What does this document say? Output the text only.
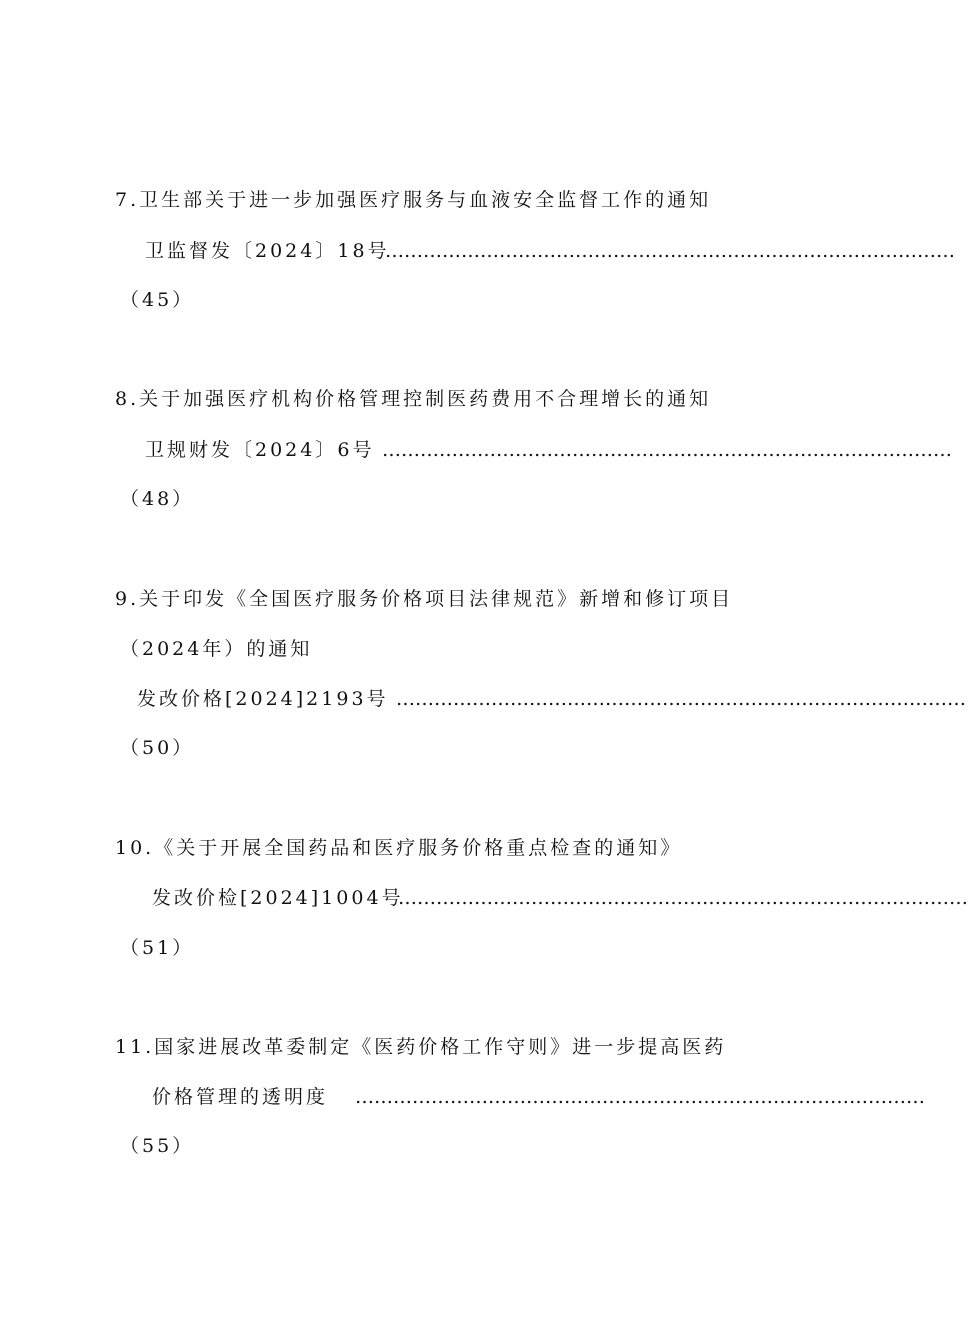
7.卫生部关于进一步加强医疗服务与血液安全监督工作的通知
卫监督发〔2024〕18号
………………………………………………………………………………
（45）
8.关于加强医疗机构价格管理控制医药费用不合理增长的通知
卫规财发〔2024〕6号 ………………………………………………………………………………
（48）
9.关于印发《全国医疗服务价格项目法律规范》新增和修订项目
（2024年）的通知
发改价格[2024]2193号 ………………………………………………………………………………
（50）
10.《关于开展全国药品和医疗服务价格重点检查的通知》
发改价检[2024]1004号
………………………………………………………………………………
（51）
11.国家进展改革委制定《医药价格工作守则》进一步提高医药
价格管理的透明度 ………………………………………………………………………………
（55）
